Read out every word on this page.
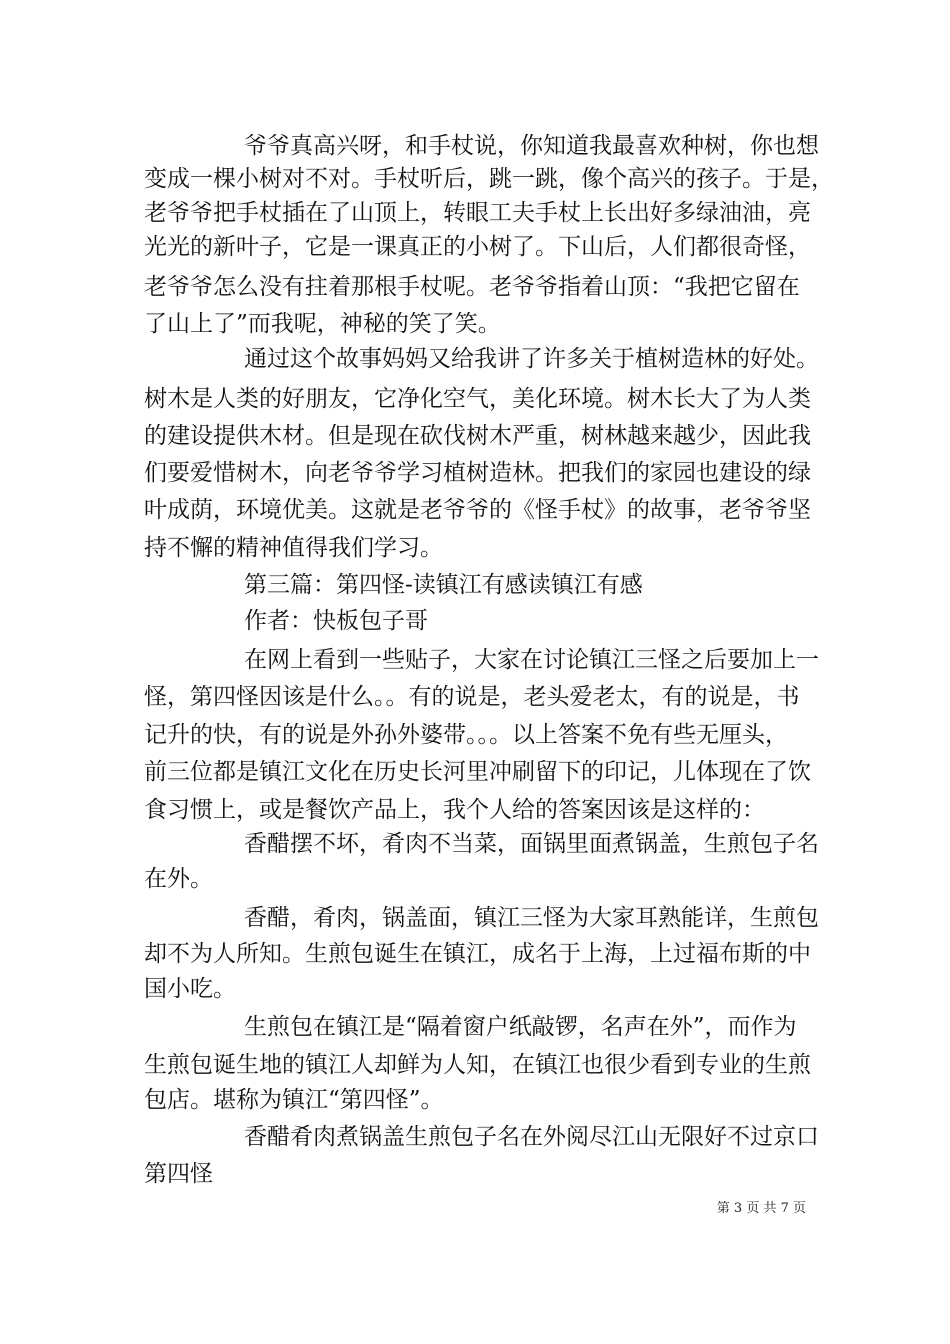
爷爷真高兴呀，和手杖说，你知道我最喜欢种树，你也想
变成一棵小树对不对。手杖听后，跳一跳，像个高兴的孩子。于是，
老爷爷把手杖插在了山顶上，转眼工夫手杖上长出好多绿油油，亮
光光的新叶子，它是一课真正的小树了。下山后，人们都很奇怪，
老爷爷怎么没有拄着那根手杖呢。老爷爷指着山顶：“我把它留在
了山上了”而我呢，神秘的笑了笑。
通过这个故事妈妈又给我讲了许多关于植树造林的好处。
树木是人类的好朋友，它净化空气，美化环境。树木长大了为人类
的建设提供木材。但是现在砍伐树木严重，树林越来越少，因此我
们要爱惜树木，向老爷爷学习植树造林。把我们的家园也建设的绿
叶成荫，环境优美。这就是老爷爷的《怪手杖》的故事，老爷爷坚
持不懈的精神值得我们学习。
第三篇：第四怪-读镇江有感读镇江有感
作者：快板包子哥
在网上看到一些贴子，大家在讨论镇江三怪之后要加上一
怪，第四怪因该是什么。。有的说是，老头爱老太，有的说是，书
记升的快，有的说是外孙外婆带。。。以上答案不免有些无厘头，
前三位都是镇江文化在历史长河里冲刷留下的印记，儿体现在了饮
食习惯上，或是餐饮产品上，我个人给的答案因该是这样的：
香醋摆不坏，肴肉不当菜，面锅里面煮锅盖，生煎包子名
在外。
香醋，肴肉，锅盖面，镇江三怪为大家耳熟能详，生煎包
却不为人所知。生煎包诞生在镇江，成名于上海，上过福布斯的中
国小吃。
生煎包在镇江是“隔着窗户纸敲锣，名声在外”，而作为
生煎包诞生地的镇江人却鲜为人知，在镇江也很少看到专业的生煎
包店。堪称为镇江“第四怪”。
香醋肴肉煮锅盖生煎包子名在外阅尽江山无限好不过京口
第四怪
第 3 页 共 7 页
